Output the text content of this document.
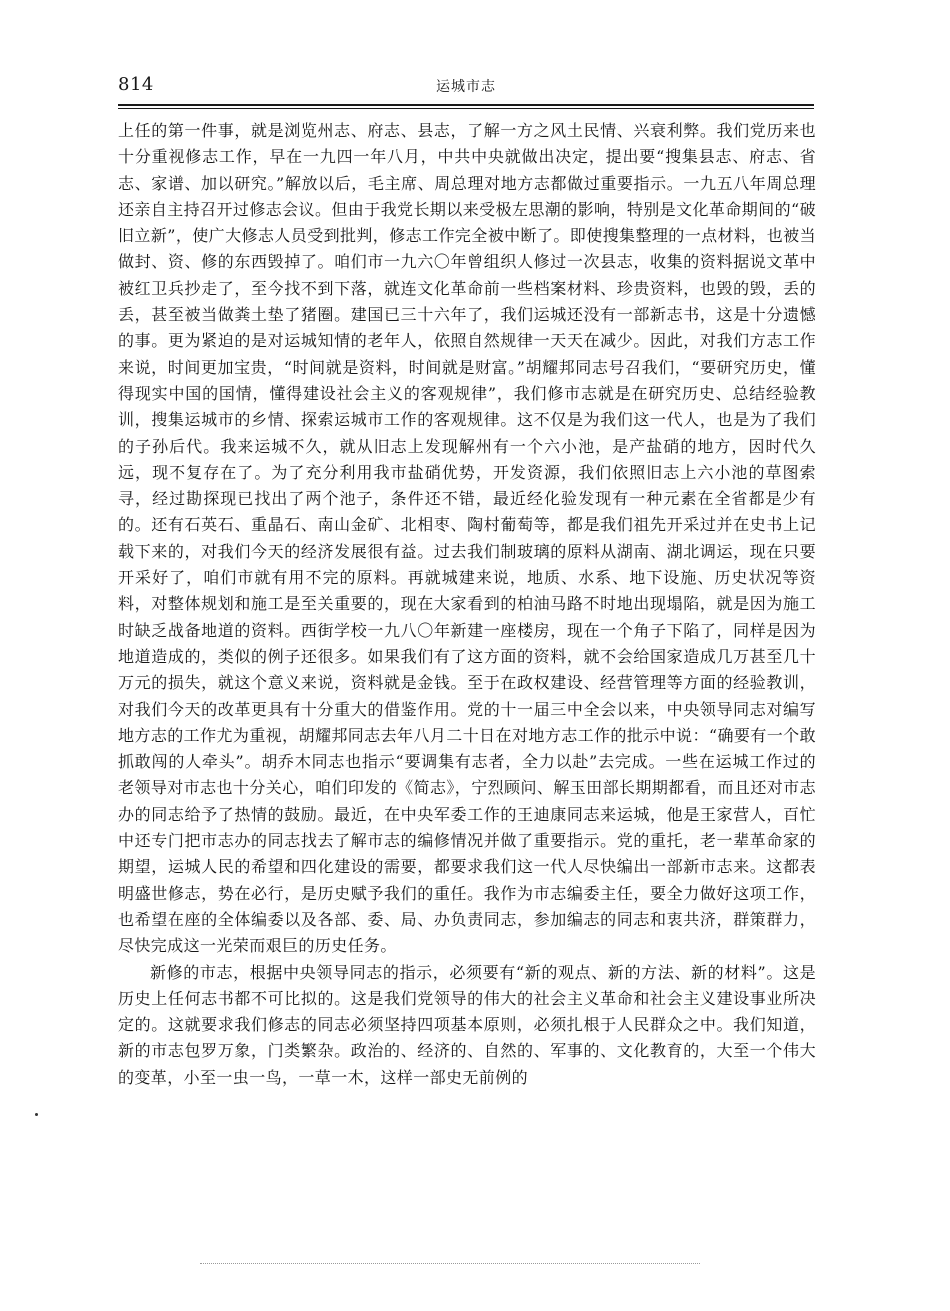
814	运城市志

上任的第一件事，就是浏览州志、府志、县志，了解一方之风土民情、兴衰利弊。我们党历来也十分重视修志工作，早在一九四一年八月，中共中央就做出决定，提出要“搜集县志、府志、省志、家谱、加以研究。”解放以后，毛主席、周总理对地方志都做过重要指示。一九五八年周总理还亲自主持召开过修志会议。但由于我党长期以来受极左思潮的影响，特别是文化革命期间的“破旧立新”，使广大修志人员受到批判，修志工作完全被中断了。即使搜集整理的一点材料，也被当做封、资、修的东西毁掉了。咱们市一九六〇年曾组织人修过一次县志，收集的资料据说文革中被红卫兵抄走了，至今找不到下落，就连文化革命前一些档案材料、珍贵资料，也毁的毁，丢的丢，甚至被当做粪土垫了猪圈。建国已三十六年了，我们运城还没有一部新志书，这是十分遗憾的事。更为紧迫的是对运城知情的老年人，依照自然规律一天天在减少。因此，对我们方志工作来说，时间更加宝贵，“时间就是资料，时间就是财富。”胡耀邦同志号召我们，“要研究历史，懂得现实中国的国情，懂得建设社会主义的客观规律”，我们修市志就是在研究历史、总结经验教训，搜集运城市的乡情、探索运城市工作的客观规律。这不仅是为我们这一代人，也是为了我们的子孙后代。我来运城不久，就从旧志上发现解州有一个六小池，是产盐硝的地方，因时代久远，现不复存在了。为了充分利用我市盐硝优势，开发资源，我们依照旧志上六小池的草图索寻，经过勘探现已找出了两个池子，条件还不错，最近经化验发现有一种元素在全省都是少有的。还有石英石、重晶石、南山金矿、北相枣、陶村葡萄等，都是我们祖先开采过并在史书上记载下来的，对我们今天的经济发展很有益。过去我们制玻璃的原料从湖南、湖北调运，现在只要开采好了，咱们市就有用不完的原料。再就城建来说，地质、水系、地下设施、历史状况等资料，对整体规划和施工是至关重要的，现在大家看到的柏油马路不时地出现塌陷，就是因为施工时缺乏战备地道的资料。西街学校一九八〇年新建一座楼房，现在一个角子下陷了，同样是因为地道造成的，类似的例子还很多。如果我们有了这方面的资料，就不会给国家造成几万甚至几十万元的损失，就这个意义来说，资料就是金钱。至于在政权建设、经营管理等方面的经验教训，对我们今天的改革更具有十分重大的借鉴作用。党的十一届三中全会以来，中央领导同志对编写地方志的工作尤为重视，胡耀邦同志去年八月二十日在对地方志工作的批示中说：“确要有一个敢抓敢闯的人牵头”。胡乔木同志也指示“要调集有志者，全力以赴”去完成。一些在运城工作过的老领导对市志也十分关心，咱们印发的《简志》，宁烈顾问、解玉田部长期期都看，而且还对市志办的同志给予了热情的鼓励。最近，在中央军委工作的王迪康同志来运城，他是王家营人，百忙中还专门把市志办的同志找去了解市志的编修情况并做了重要指示。党的重托，老一辈革命家的期望，运城人民的希望和四化建设的需要，都要求我们这一代人尽快编出一部新市志来。这都表明盛世修志，势在必行，是历史赋予我们的重任。我作为市志编委主任，要全力做好这项工作，也希望在座的全体编委以及各部、委、局、办负责同志，参加编志的同志和衷共济，群策群力，尽快完成这一光荣而艰巨的历史任务。

新修的市志，根据中央领导同志的指示，必须要有“新的观点、新的方法、新的材料”。这是历史上任何志书都不可比拟的。这是我们党领导的伟大的社会主义革命和社会主义建设事业所决定的。这就要求我们修志的同志必须坚持四项基本原则，必须扎根于人民群众之中。我们知道，新的市志包罗万象，门类繁杂。政治的、经济的、自然的、军事的、文化教育的，大至一个伟大的变革，小至一虫一鸟，一草一木，这样一部史无前例的
